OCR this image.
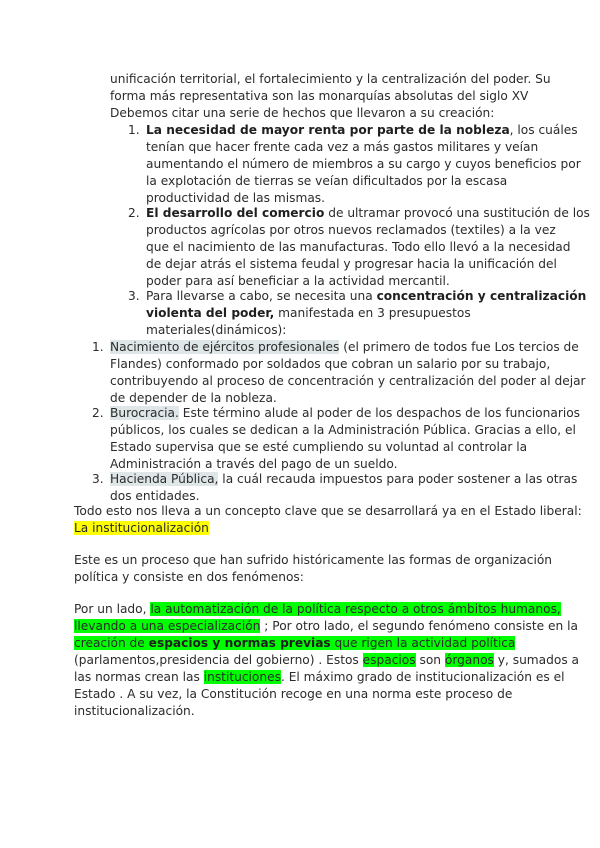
unificación territorial, el fortalecimiento y la centralización del poder. Su
forma más representativa son las monarquías absolutas del siglo XV
Debemos citar una serie de hechos que llevaron a su creación:
1. La necesidad de mayor renta por parte de la nobleza, los cuáles
tenían que hacer frente cada vez a más gastos militares y veían
aumentando el número de miembros a su cargo y cuyos beneficios por
la explotación de tierras se veían dificultados por la escasa
productividad de las mismas.
2. El desarrollo del comercio de ultramar provocó una sustitución de los
productos agrícolas por otros nuevos reclamados (textiles) a la vez
que el nacimiento de las manufacturas. Todo ello llevó a la necesidad
de dejar atrás el sistema feudal y progresar hacia la unificación del
poder para así beneficiar a la actividad mercantil.
3. Para llevarse a cabo, se necesita una concentración y centralización
violenta del poder, manifestada en 3 presupuestos
materiales(dinámicos):
1. Nacimiento de ejércitos profesionales (el primero de todos fue Los tercios de
Flandes) conformado por soldados que cobran un salario por su trabajo,
contribuyendo al proceso de concentración y centralización del poder al dejar
de depender de la nobleza.
2. Burocracia. Este término alude al poder de los despachos de los funcionarios
públicos, los cuales se dedican a la Administración Pública. Gracias a ello, el
Estado supervisa que se esté cumpliendo su voluntad al controlar la
Administración a través del pago de un sueldo.
3. Hacienda Pública, la cuál recauda impuestos para poder sostener a las otras
dos entidades.
Todo esto nos lleva a un concepto clave que se desarrollará ya en el Estado liberal:
La institucionalización
Este es un proceso que han sufrido históricamente las formas de organización
política y consiste en dos fenómenos:
Por un lado, la automatización de la política respecto a otros ámbitos humanos,
llevando a una especialización ; Por otro lado, el segundo fenómeno consiste en la
creación de espacios y normas previas que rigen la actividad política
(parlamentos,presidencia del gobierno) . Estos espacios son órganos y, sumados a
las normas crean las instituciones. El máximo grado de institucionalización es el
Estado . A su vez, la Constitución recoge en una norma este proceso de
institucionalización.
